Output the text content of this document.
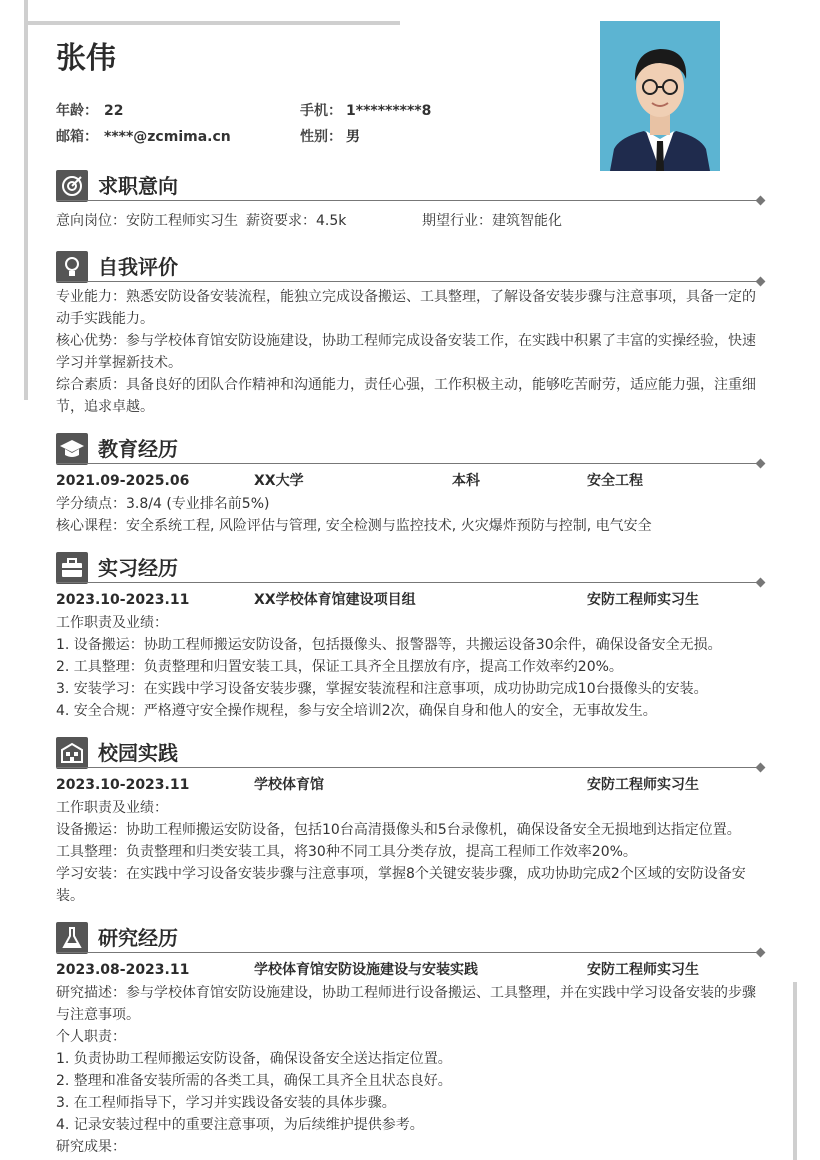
张伟
年龄： 22	手机： 1*********8
邮箱： ****@zcmima.cn	性别： 男
求职意向
意向岗位：安防工程师实习生 薪资要求：4.5k	期望行业：建筑智能化
自我评价
专业能力：熟悉安防设备安装流程，能独立完成设备搬运、工具整理，了解设备安装步骤与注意事项，具备一定的
动手实践能力。
核心优势：参与学校体育馆安防设施建设，协助工程师完成设备安装工作，在实践中积累了丰富的实操经验，快速
学习并掌握新技术。
综合素质：具备良好的团队合作精神和沟通能力，责任心强，工作积极主动，能够吃苦耐劳，适应能力强，注重细
节，追求卓越。
教育经历
2021.09-2025.06	XX大学	本科	安全工程
学分绩点：3.8/4 (专业排名前5%)
核心课程：安全系统工程, 风险评估与管理, 安全检测与监控技术, 火灾爆炸预防与控制, 电气安全
实习经历
2023.10-2023.11	XX学校体育馆建设项目组	安防工程师实习生
工作职责及业绩：
1. 设备搬运：协助工程师搬运安防设备，包括摄像头、报警器等，共搬运设备30余件，确保设备安全无损。
2. 工具整理：负责整理和归置安装工具，保证工具齐全且摆放有序，提高工作效率约20%。
3. 安装学习：在实践中学习设备安装步骤，掌握安装流程和注意事项，成功协助完成10台摄像头的安装。
4. 安全合规：严格遵守安全操作规程，参与安全培训2次，确保自身和他人的安全，无事故发生。
校园实践
2023.10-2023.11	学校体育馆	安防工程师实习生
工作职责及业绩：
设备搬运：协助工程师搬运安防设备，包括10台高清摄像头和5台录像机，确保设备安全无损地到达指定位置。
工具整理：负责整理和归类安装工具，将30种不同工具分类存放，提高工程师工作效率20%。
学习安装：在实践中学习设备安装步骤与注意事项，掌握8个关键安装步骤，成功协助完成2个区域的安防设备安
装。
研究经历
2023.08-2023.11	学校体育馆安防设施建设与安装实践	安防工程师实习生
研究描述：参与学校体育馆安防设施建设，协助工程师进行设备搬运、工具整理，并在实践中学习设备安装的步骤
与注意事项。
个人职责：
1. 负责协助工程师搬运安防设备，确保设备安全送达指定位置。
2. 整理和准备安装所需的各类工具，确保工具齐全且状态良好。
3. 在工程师指导下，学习并实践设备安装的具体步骤。
4. 记录安装过程中的重要注意事项，为后续维护提供参考。
研究成果：
